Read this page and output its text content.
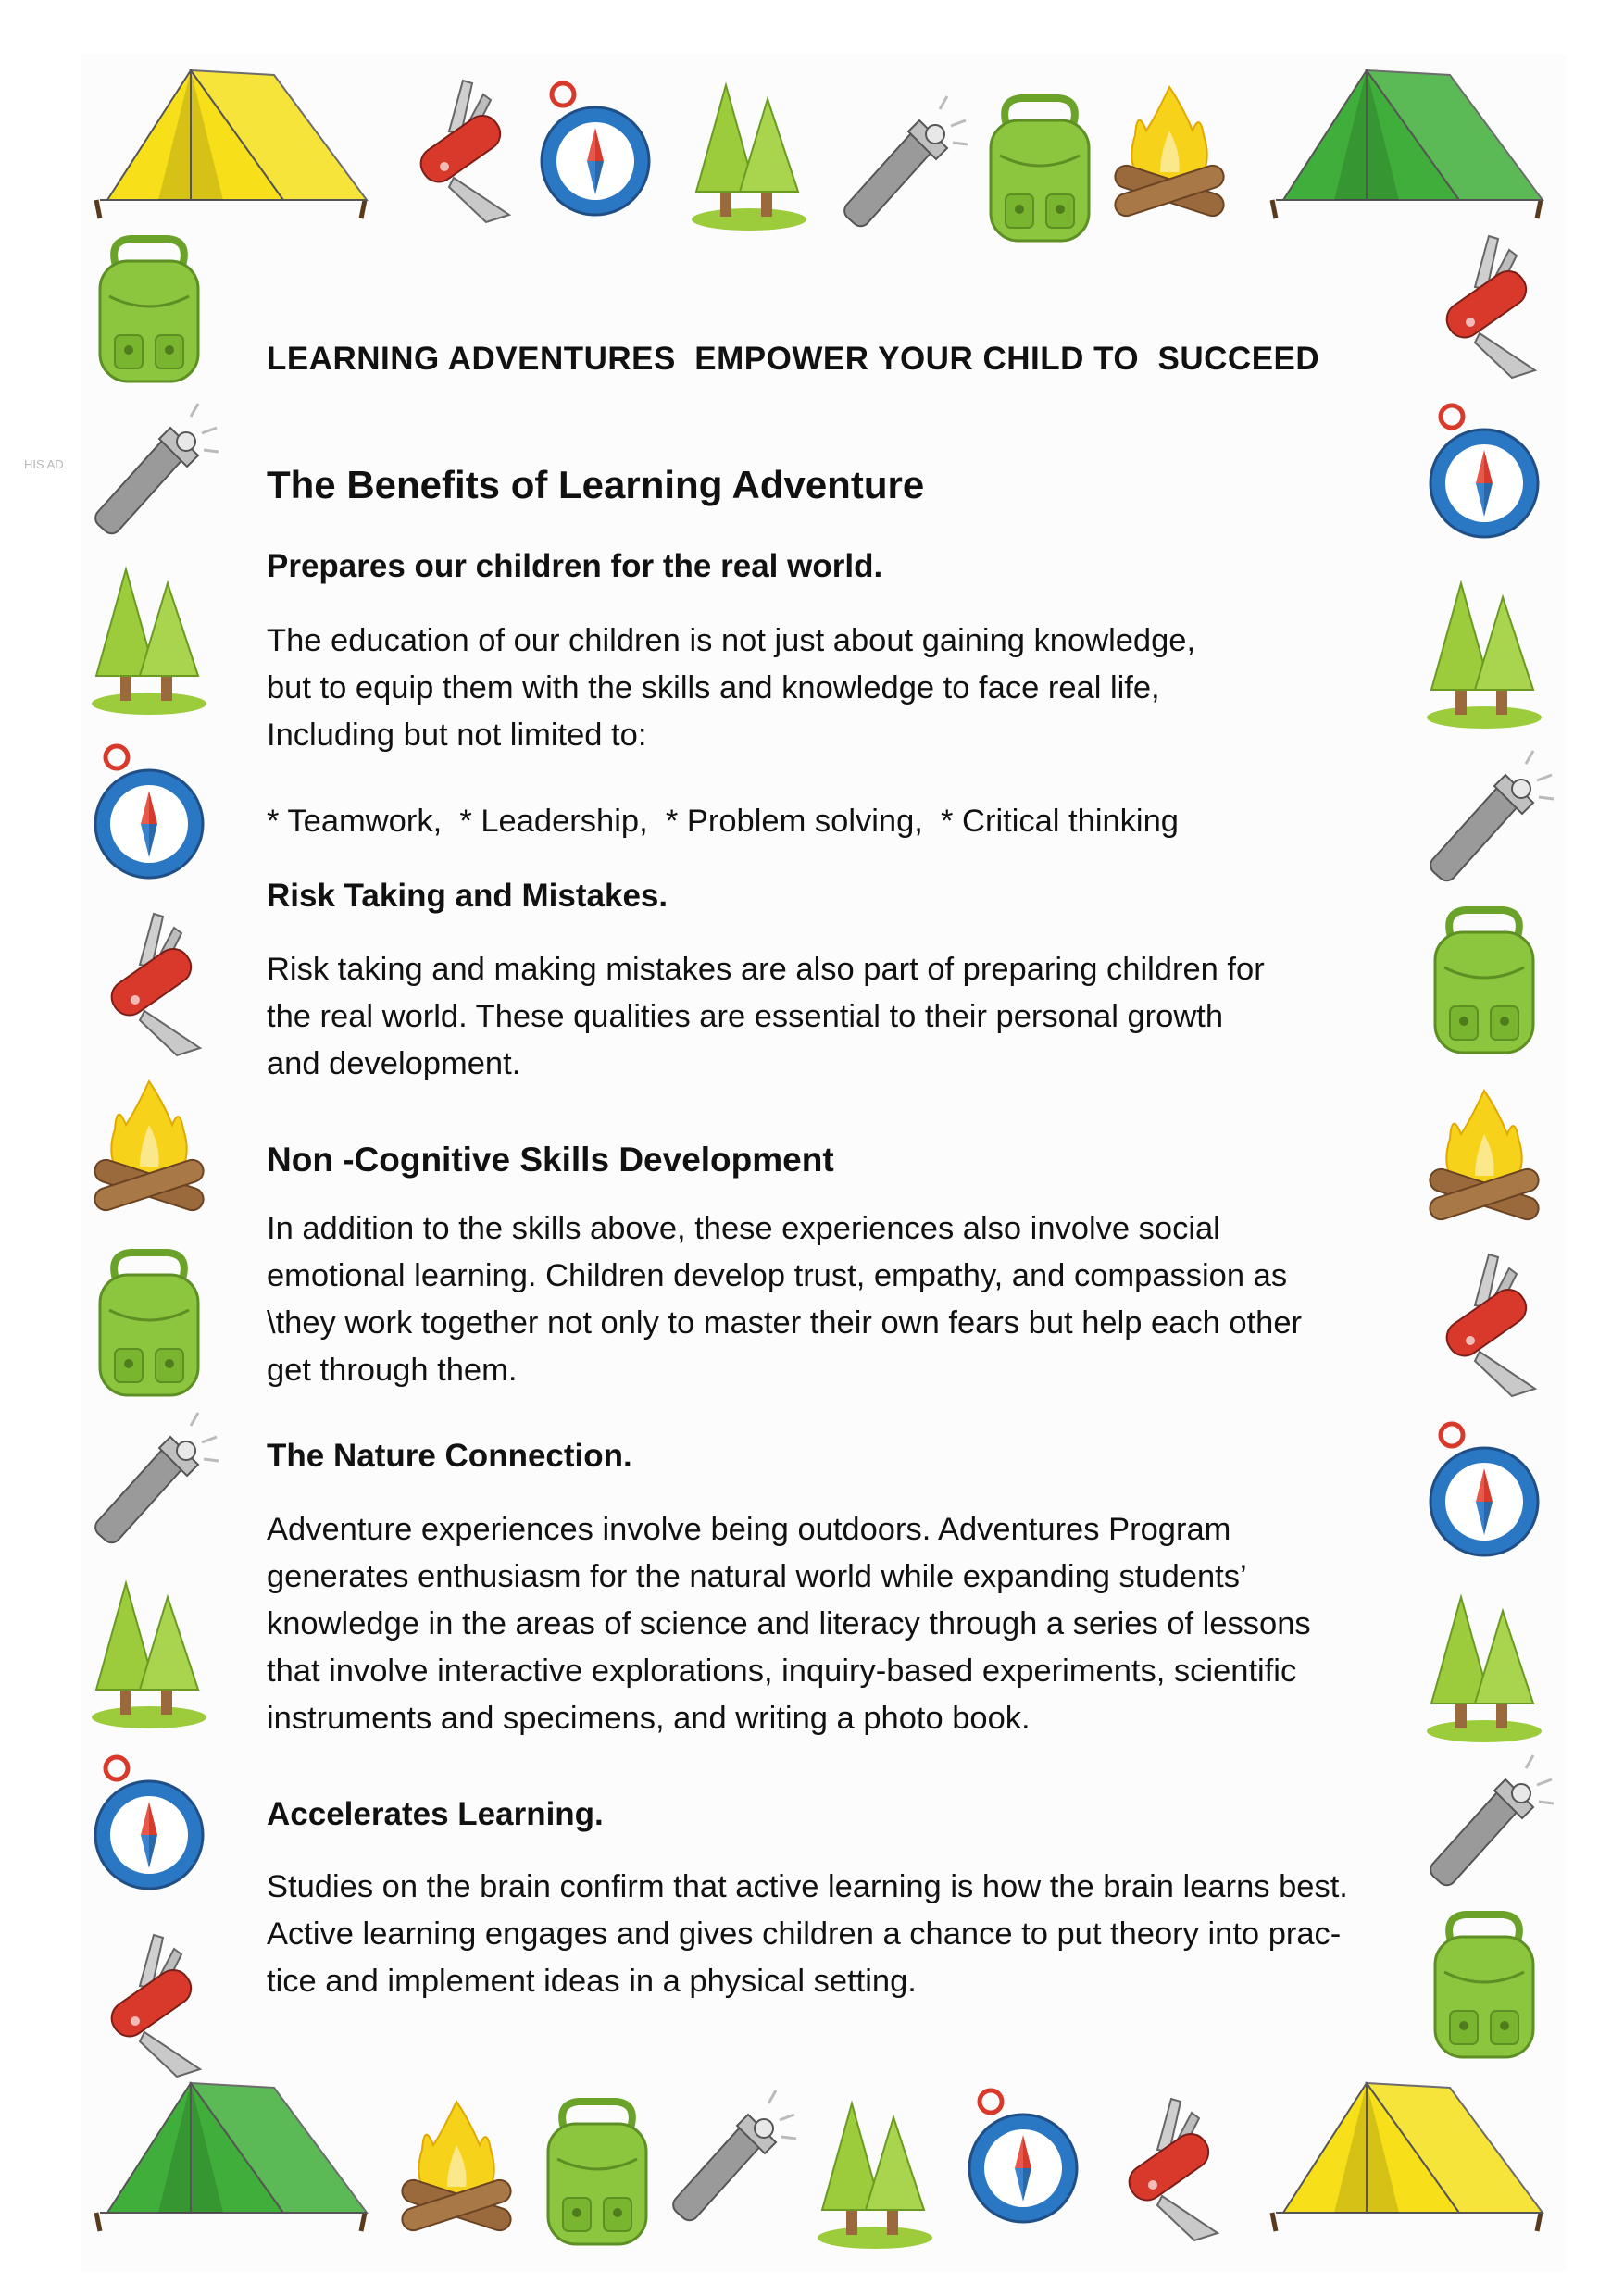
HIS AD
LEARNING ADVENTURES  EMPOWER YOUR CHILD TO  SUCCEED
The Benefits of Learning Adventure
Prepares our children for the real world.
The education of our children is not just about gaining knowledge,
but to equip them with the skills and knowledge to face real life,
Including but not limited to:
* Teamwork,  * Leadership,  * Problem solving,  * Critical thinking
Risk Taking and Mistakes.
Risk taking and making mistakes are also part of preparing children for
the real world. These qualities are essential to their personal growth
and development.
Non -Cognitive Skills Development
In addition to the skills above, these experiences also involve social
emotional learning. Children develop trust, empathy, and compassion as
\they work together not only to master their own fears but help each other
get through them.
The Nature Connection.
Adventure experiences involve being outdoors. Adventures Program
generates enthusiasm for the natural world while expanding students’
knowledge in the areas of science and literacy through a series of lessons
that involve interactive explorations, inquiry-based experiments, scientific
instruments and specimens, and writing a photo book.
Accelerates Learning.
Studies on the brain confirm that active learning is how the brain learns best.
Active learning engages and gives children a chance to put theory into prac-
tice and implement ideas in a physical setting.
